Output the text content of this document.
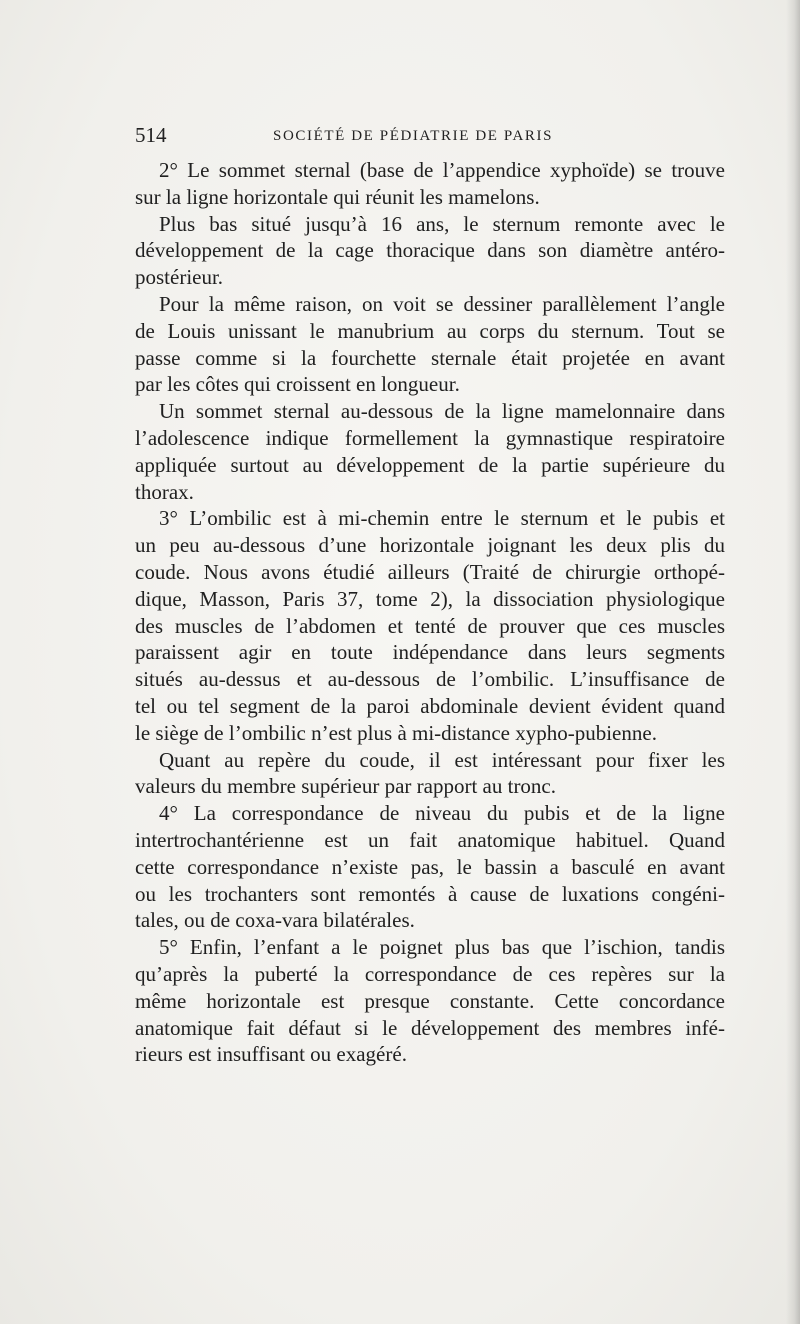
514	SOCIÉTÉ DE PÉDIATRIE DE PARIS

2° Le sommet sternal (base de l’appendice xyphoïde) se trouve
sur la ligne horizontale qui réunit les mamelons.

Plus bas situé jusqu’à 16 ans, le sternum remonte avec le
développement de la cage thoracique dans son diamètre antéro-
postérieur.

Pour la même raison, on voit se dessiner parallèlement l’angle
de Louis unissant le manubrium au corps du sternum. Tout se
passe comme si la fourchette sternale était projetée en avant
par les côtes qui croissent en longueur.

Un sommet sternal au-dessous de la ligne mamelonnaire dans
l’adolescence indique formellement la gymnastique respiratoire
appliquée surtout au développement de la partie supérieure du
thorax.

3° L’ombilic est à mi-chemin entre le sternum et le pubis et
un peu au-dessous d’une horizontale joignant les deux plis du
coude. Nous avons étudié ailleurs (Traité de chirurgie orthopé-
dique, Masson, Paris 37, tome 2), la dissociation physiologique
des muscles de l’abdomen et tenté de prouver que ces muscles
paraissent agir en toute indépendance dans leurs segments
situés au-dessus et au-dessous de l’ombilic. L’insuffisance de
tel ou tel segment de la paroi abdominale devient évident quand
le siège de l’ombilic n’est plus à mi-distance xypho-pubienne.

Quant au repère du coude, il est intéressant pour fixer les
valeurs du membre supérieur par rapport au tronc.

4° La correspondance de niveau du pubis et de la ligne
intertrochantérienne est un fait anatomique habituel. Quand
cette correspondance n’existe pas, le bassin a basculé en avant
ou les trochanters sont remontés à cause de luxations congéni-
tales, ou de coxa-vara bilatérales.

5° Enfin, l’enfant a le poignet plus bas que l’ischion, tandis
qu’après la puberté la correspondance de ces repères sur la
même horizontale est presque constante. Cette concordance
anatomique fait défaut si le développement des membres infé-
rieurs est insuffisant ou exagéré.
